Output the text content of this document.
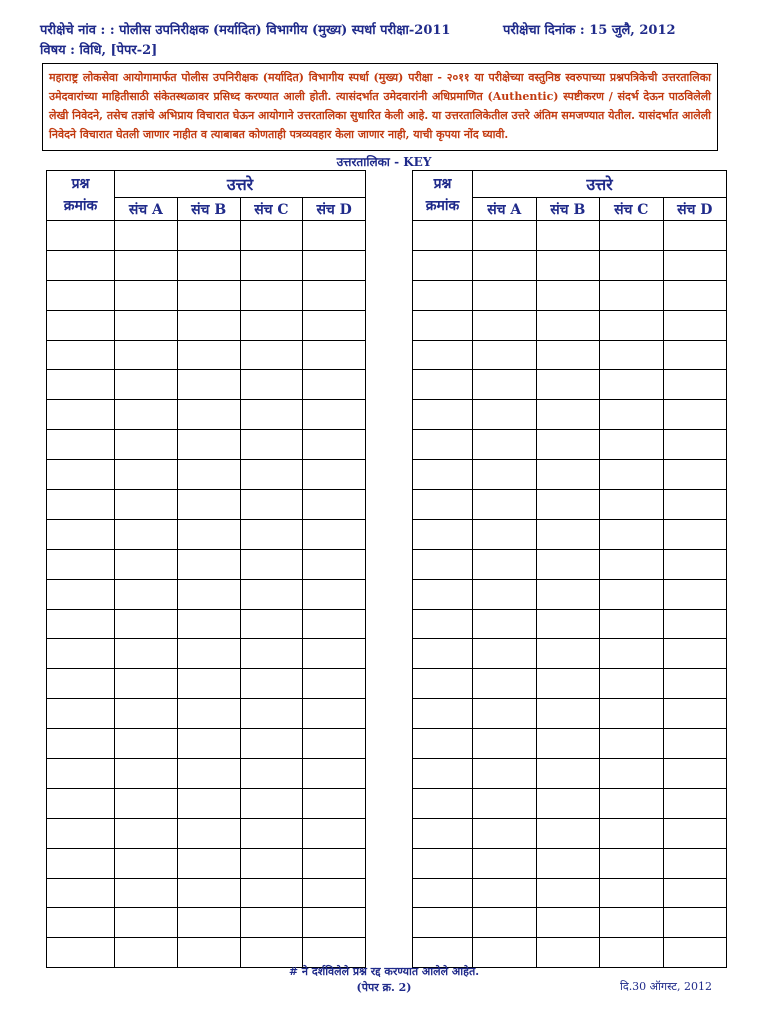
परीक्षेचे नांव : : पोलीस उपनिरीक्षक (मर्यादित) विभागीय (मुख्य) स्पर्धा परीक्षा-2011	परीक्षेचा दिनांक : 15 जुलै, 2012
विषय : विधि, [पेपर-2]
महाराष्ट्र लोकसेवा आयोगामार्फत पोलीस उपनिरीक्षक (मर्यादित) विभागीय स्पर्धा (मुख्य) परीक्षा - २०११ या परीक्षेच्या वस्तुनिष्ठ स्वरुपाच्या प्रश्नपत्रिकेची उत्तरतालिका उमेदवारांच्या माहितीसाठी संकेतस्थळावर प्रसिध्द करण्यात आली होती. त्यासंदर्भात उमेदवारांनी अधिप्रमाणित (Authentic) स्पष्टीकरण / संदर्भ देऊन पाठविलेली लेखी निवेदने, तसेच तज्ञांचे अभिप्राय विचारात घेऊन आयोगाने उत्तरतालिका सुधारित केली आहे. या उत्तरतालिकेतील उत्तरे अंतिम समजण्यात येतील. यासंदर्भात आलेली निवेदने विचारात घेतली जाणार नाहीत व त्याबाबत कोणताही पत्रव्यवहार केला जाणार नाही, याची कृपया नोंद घ्यावी.
उत्तरतालिका - KEY
प्रश्न
क्रमांक	उत्तरे			
	संच A	संच B	संच C	संच D

प्रश्न
क्रमांक	उत्तरे			
	संच A	संच B	संच C	संच D

# ने दर्शविलेले प्रश्न रद्द करण्यात आलेले आहेत.
(पेपर क्र. 2)	दि.30 ऑगस्ट, 2012
